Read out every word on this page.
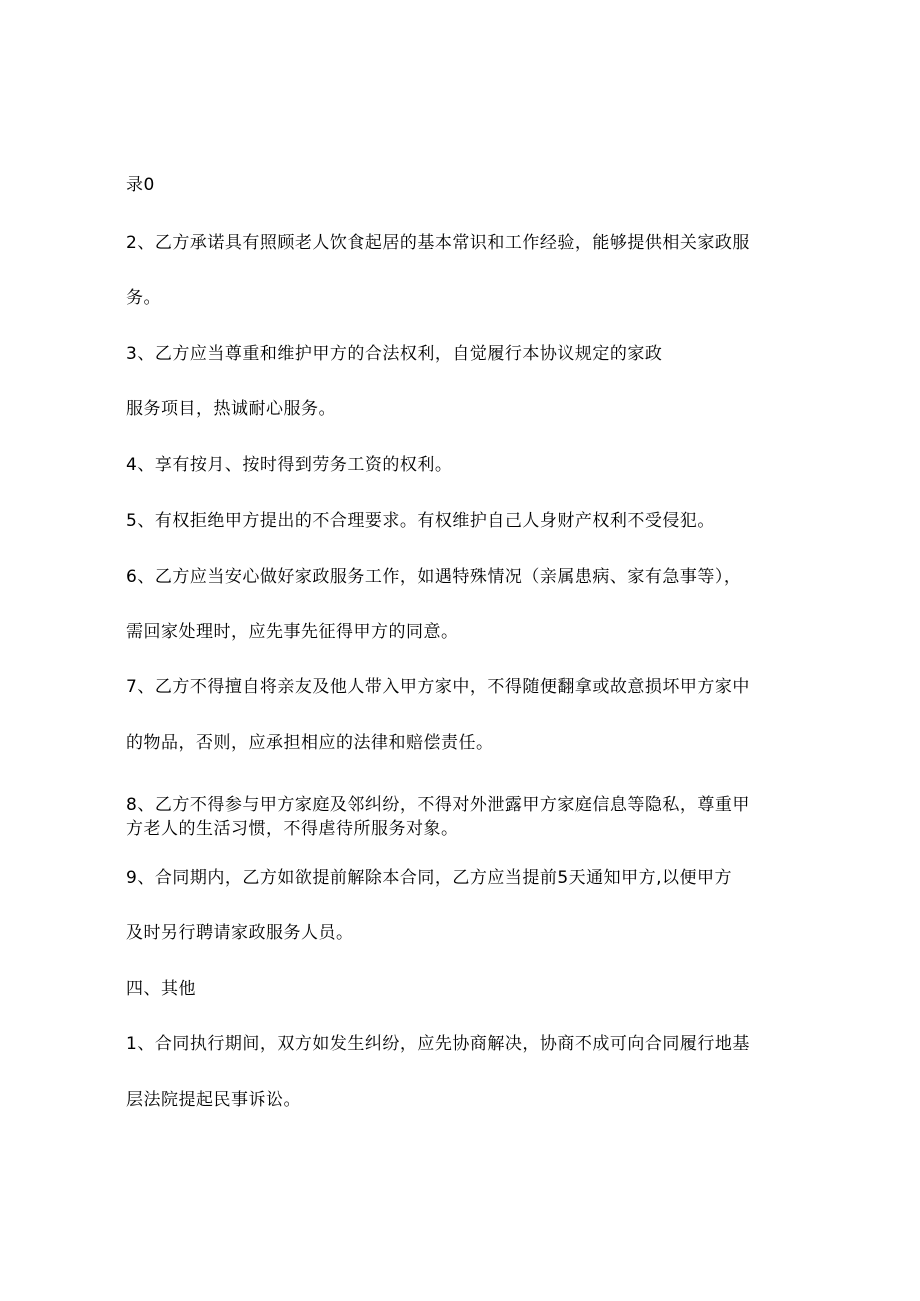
录0
2、乙方承诺具有照顾老人饮食起居的基本常识和工作经验，能够提供相关家政服
务。
3、乙方应当尊重和维护甲方的合法权利，自觉履行本协议规定的家政
服务项目，热诚耐心服务。
4、享有按月、按时得到劳务工资的权利。
5、有权拒绝甲方提出的不合理要求。有权维护自己人身财产权利不受侵犯。
6、乙方应当安心做好家政服务工作，如遇特殊情况（亲属患病、家有急事等），
需回家处理时，应先事先征得甲方的同意。
7、乙方不得擅自将亲友及他人带入甲方家中，不得随便翻拿或故意损坏甲方家中
的物品，否则，应承担相应的法律和赔偿责任。
8、乙方不得参与甲方家庭及邻纠纷，不得对外泄露甲方家庭信息等隐私，尊重甲
方老人的生活习惯，不得虐待所服务对象。
9、合同期内，乙方如欲提前解除本合同，乙方应当提前5天通知甲方,以便甲方
及时另行聘请家政服务人员。
四、其他
1、合同执行期间，双方如发生纠纷，应先协商解决，协商不成可向合同履行地基
层法院提起民事诉讼。
